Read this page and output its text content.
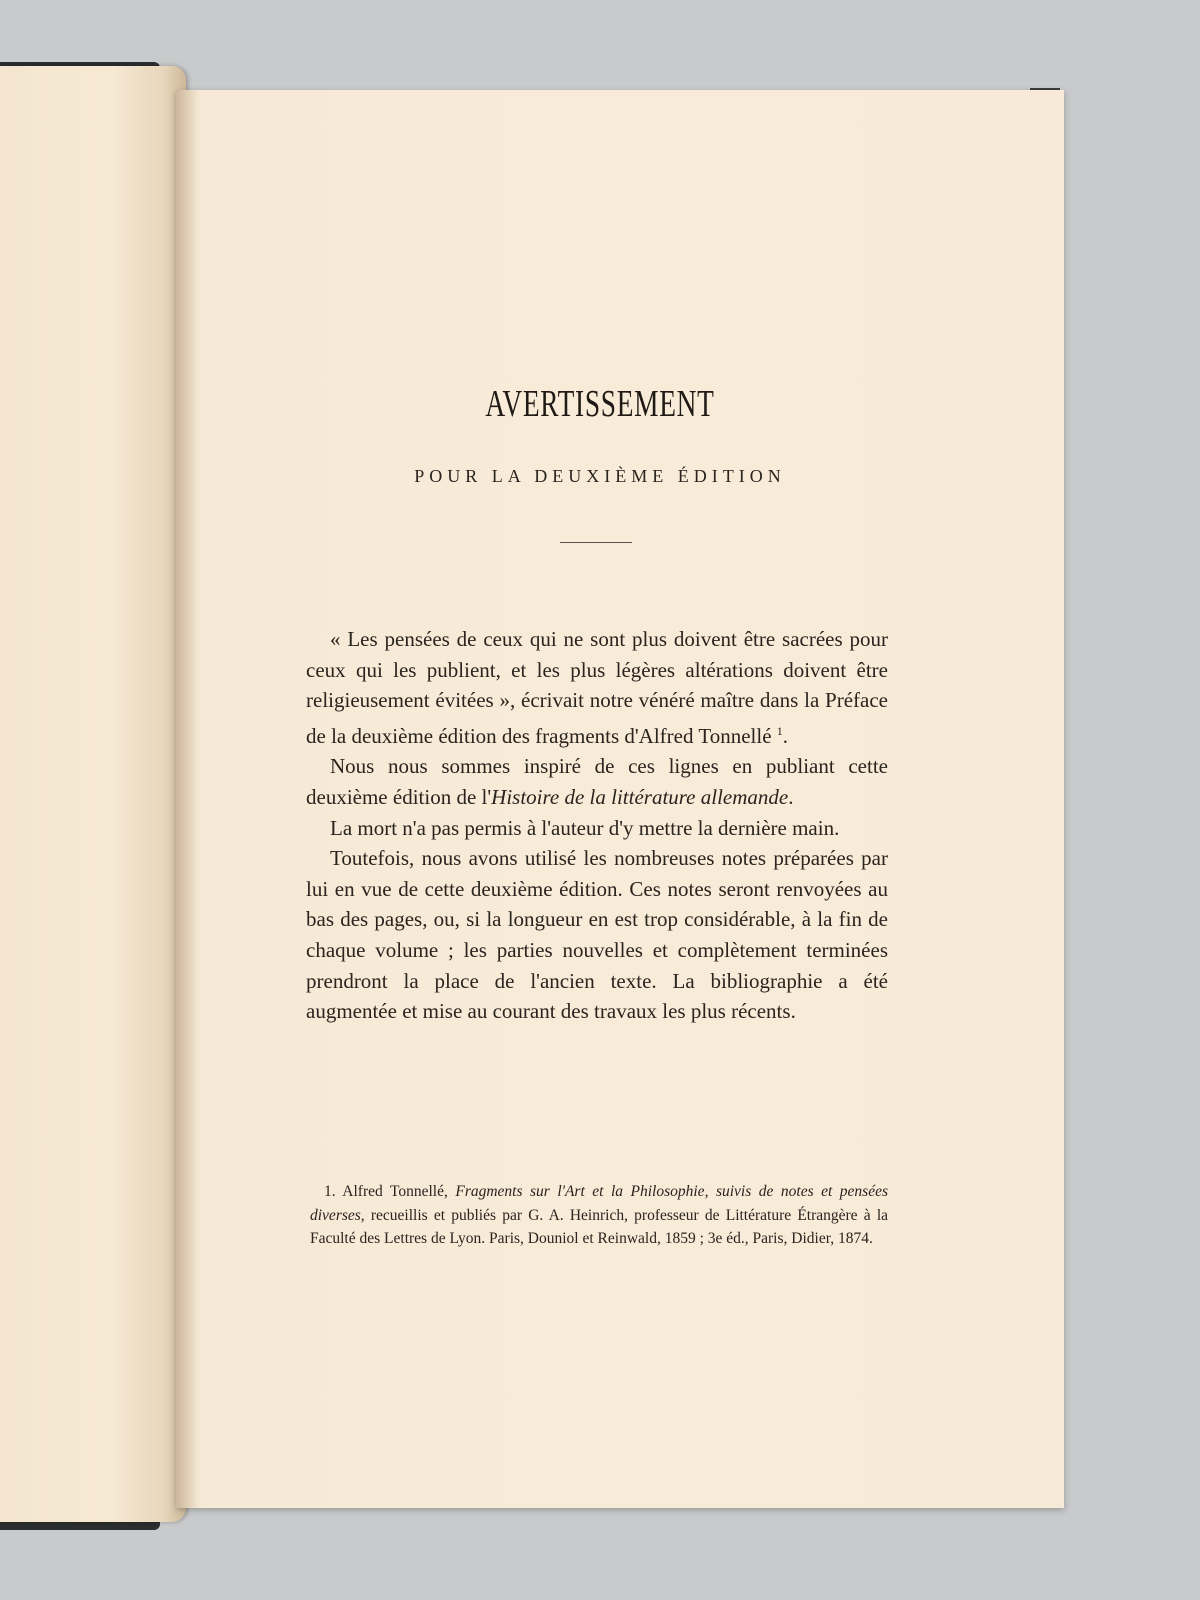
AVERTISSEMENT

POUR LA DEUXIÈME ÉDITION

« Les pensées de ceux qui ne sont plus doivent être sacrées pour ceux qui les publient, et les plus légères altérations doivent être religieusement évitées », écrivait notre vénéré maître dans la Préface de la deuxième édition des fragments d'Alfred Tonnellé $^1$.

Nous nous sommes inspiré de ces lignes en publiant cette deuxième édition de l'Histoire de la littérature allemande.

La mort n'a pas permis à l'auteur d'y mettre la dernière main.

Toutefois, nous avons utilisé les nombreuses notes préparées par lui en vue de cette deuxième édition. Ces notes seront renvoyées au bas des pages, ou, si la longueur en est trop considérable, à la fin de chaque volume ; les parties nouvelles et complètement terminées prendront la place de l'ancien texte. La bibliographie a été augmentée et mise au courant des travaux les plus récents.

1. Alfred Tonnellé, Fragments sur l'Art et la Philosophie, suivis de notes et pensées diverses, recueillis et publiés par G. A. Heinrich, professeur de Littérature Étrangère à la Faculté des Lettres de Lyon. Paris, Douniol et Reinwald, 1859 ; 3e éd., Paris, Didier, 1874.
